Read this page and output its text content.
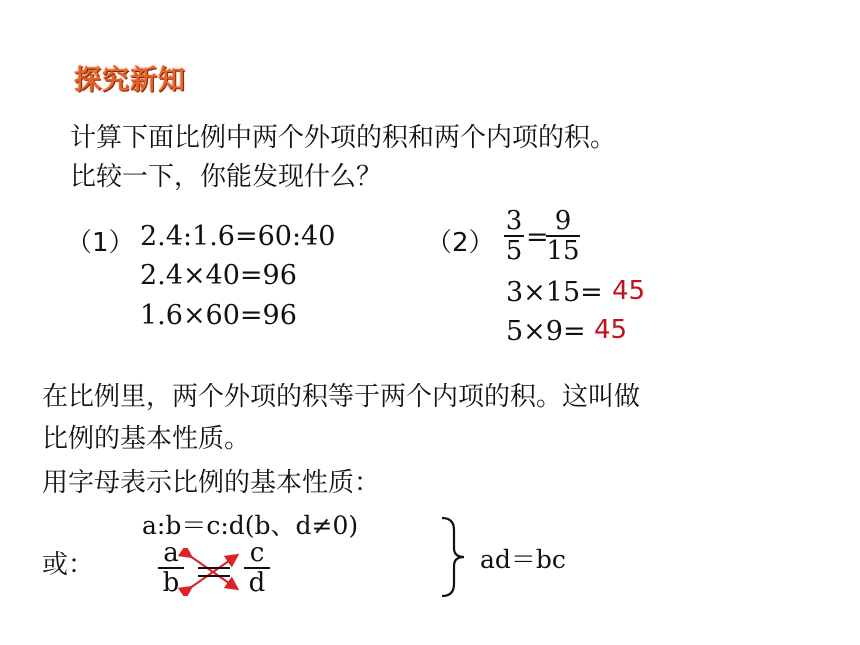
探究新知
计算下面比例中两个外项的积和两个内项的积。
比较一下，你能发现什么？
（1） 2.4:1.6=60:40
2.4×40=96
1.6×60=96
（2）
3
5 =
9
15
3×15= 45
5×9= 45
在比例里，两个外项的积等于两个内项的积。这叫做
比例的基本性质。
用字母表示比例的基本性质：
a:b＝c:d(b、d≠0)
或：	a
b
c
d
ad＝bc
